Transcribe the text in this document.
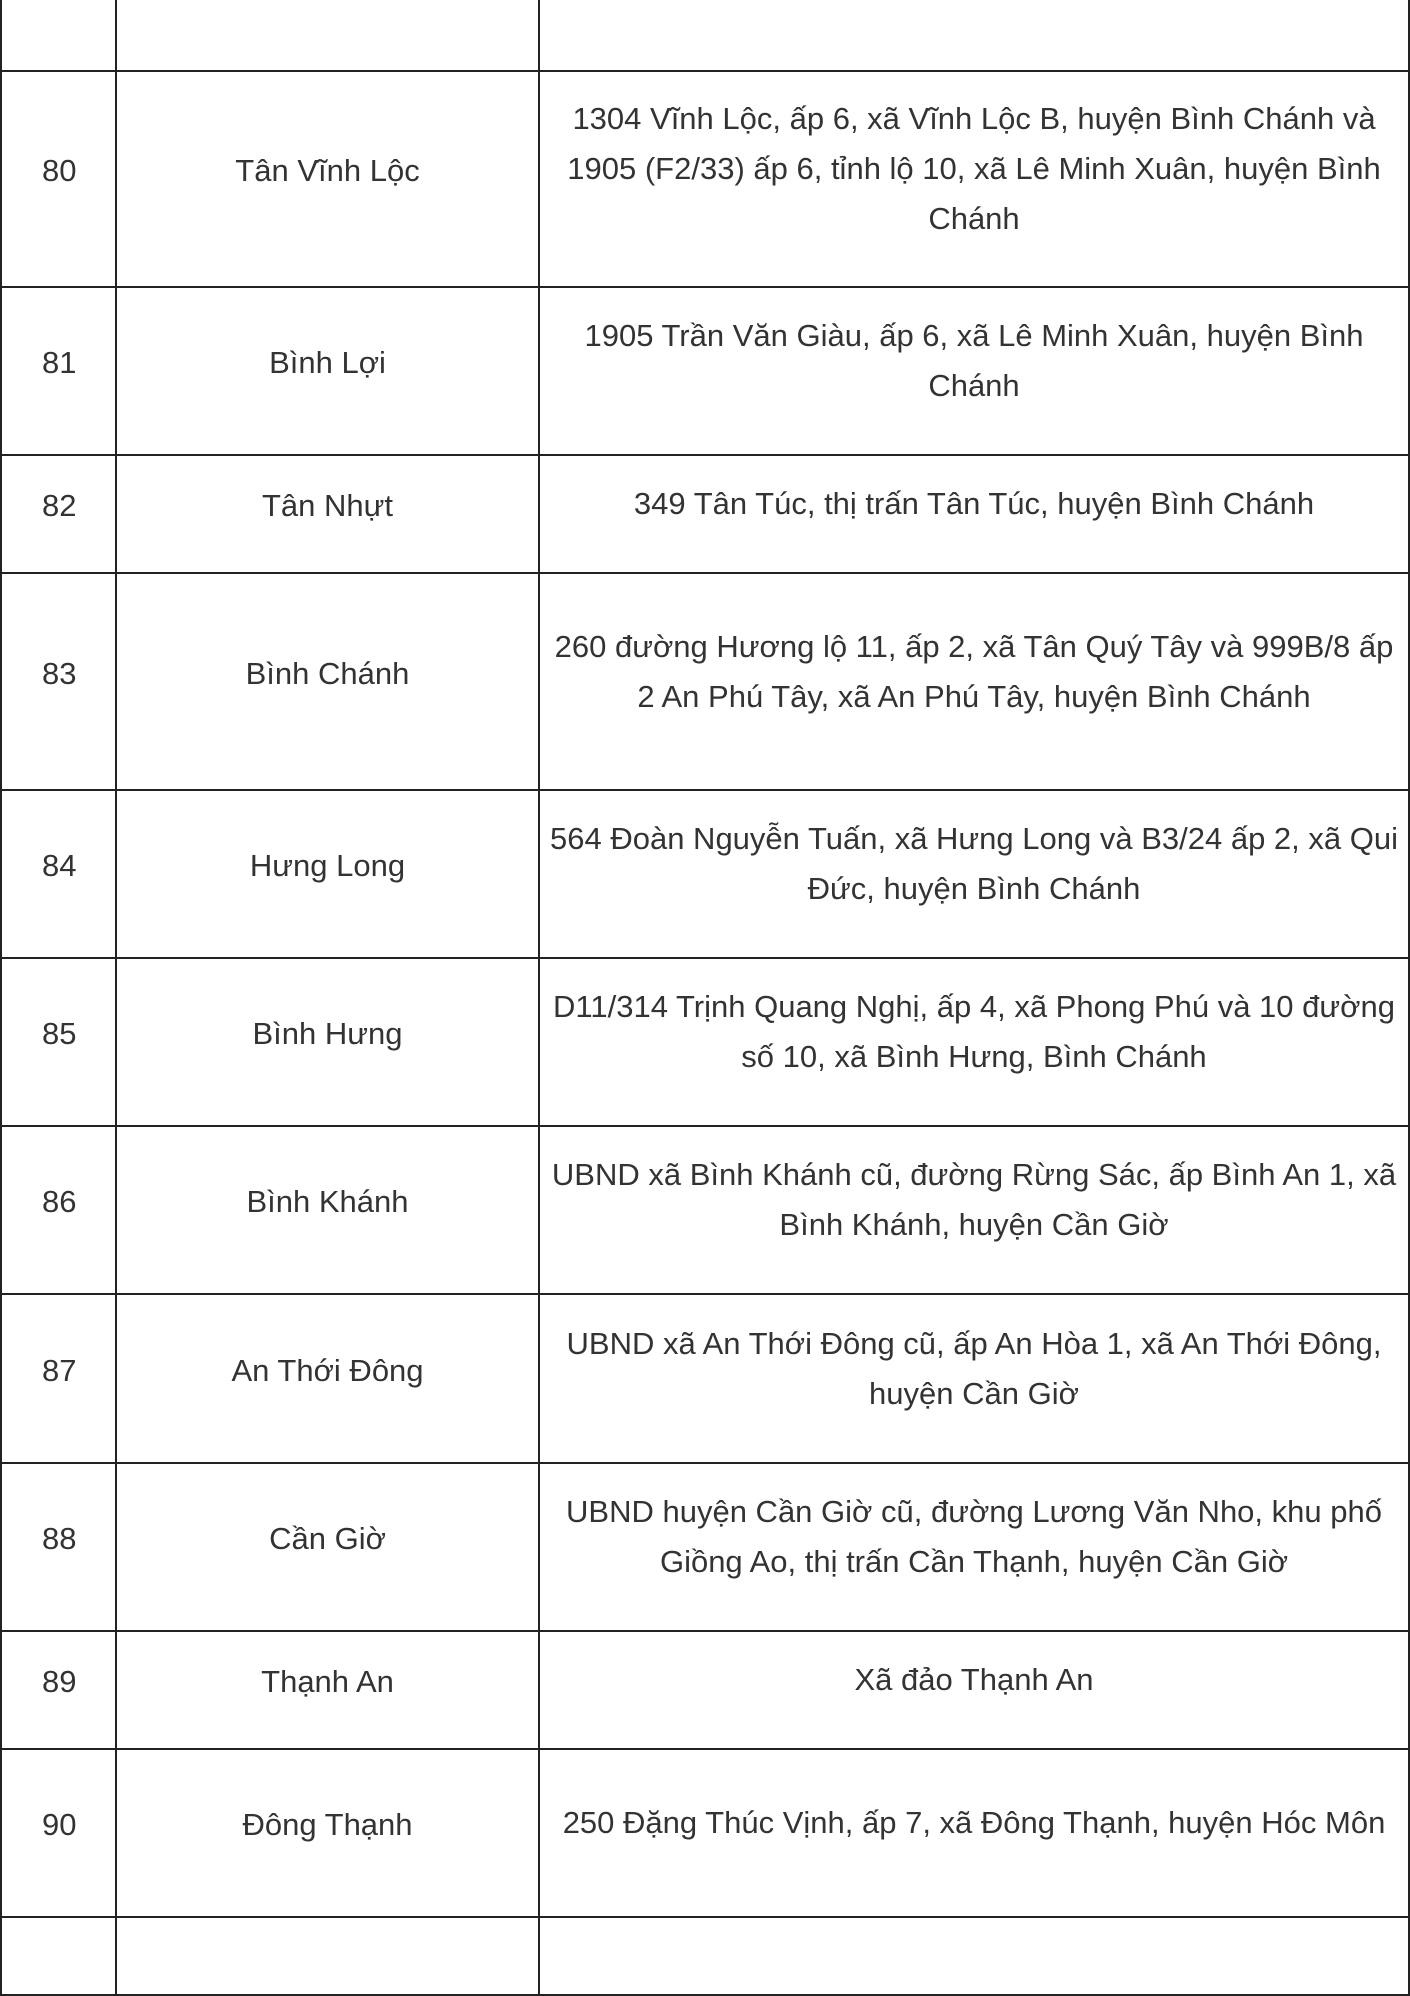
80	Tân Vĩnh Lộc	1304 Vĩnh Lộc, ấp 6, xã Vĩnh Lộc B, huyện Bình Chánh và 1905 (F2/33) ấp 6, tỉnh lộ 10, xã Lê Minh Xuân, huyện Bình Chánh
81	Bình Lợi	1905 Trần Văn Giàu, ấp 6, xã Lê Minh Xuân, huyện Bình Chánh
82	Tân Nhựt	349 Tân Túc, thị trấn Tân Túc, huyện Bình Chánh
83	Bình Chánh	260 đường Hương lộ 11, ấp 2, xã Tân Quý Tây và 999B/8 ấp 2 An Phú Tây, xã An Phú Tây, huyện Bình Chánh
84	Hưng Long	564 Đoàn Nguyễn Tuấn, xã Hưng Long và B3/24 ấp 2, xã Qui Đức, huyện Bình Chánh
85	Bình Hưng	D11/314 Trịnh Quang Nghị, ấp 4, xã Phong Phú và 10 đường số 10, xã Bình Hưng, Bình Chánh
86	Bình Khánh	UBND xã Bình Khánh cũ, đường Rừng Sác, ấp Bình An 1, xã Bình Khánh, huyện Cần Giờ
87	An Thới Đông	UBND xã An Thới Đông cũ, ấp An Hòa 1, xã An Thới Đông, huyện Cần Giờ
88	Cần Giờ	UBND huyện Cần Giờ cũ, đường Lương Văn Nho, khu phố Giồng Ao, thị trấn Cần Thạnh, huyện Cần Giờ
89	Thạnh An	Xã đảo Thạnh An
90	Đông Thạnh	250 Đặng Thúc Vịnh, ấp 7, xã Đông Thạnh, huyện Hóc Môn
